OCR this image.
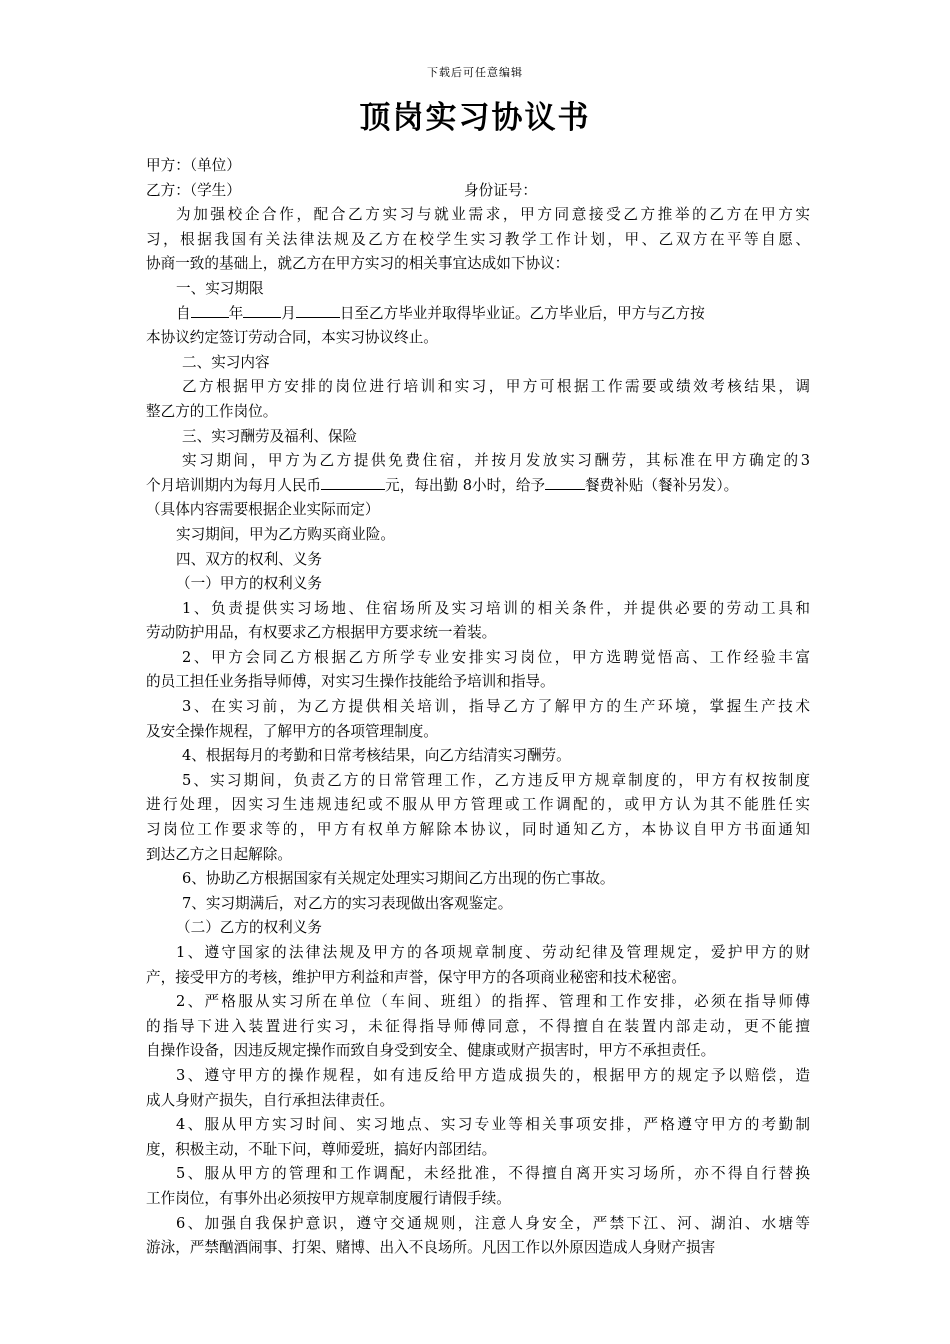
下载后可任意编辑
顶岗实习协议书
甲方：（单位）
乙方：（学生）	身份证号：
为加强校企合作，配合乙方实习与就业需求，甲方同意接受乙方推举的乙方在甲方实
习，根据我国有关法律法规及乙方在校学生实习教学工作计划，甲、乙双方在平等自愿、
协商一致的基础上，就乙方在甲方实习的相关事宜达成如下协议：
一、实习期限
自	年	月	日至乙方毕业并取得毕业证。乙方毕业后，甲方与乙方按
本协议约定签订劳动合同，本实习协议终止。
二、实习内容
乙方根据甲方安排的岗位进行培训和实习，甲方可根据工作需要或绩效考核结果，调
整乙方的工作岗位。
三、实习酬劳及福利、保险
实习期间，甲方为乙方提供免费住宿，并按月发放实习酬劳，其标准在甲方确定的3
个月培训期内为每月人民币	元，每出勤 8小时，给予	餐费补贴（餐补另发）。
（具体内容需要根据企业实际而定）
实习期间，甲为乙方购买商业险。
四、双方的权利、义务
（一）甲方的权利义务
1、负责提供实习场地、住宿场所及实习培训的相关条件，并提供必要的劳动工具和
劳动防护用品，有权要求乙方根据甲方要求统一着装。
2、甲方会同乙方根据乙方所学专业安排实习岗位，甲方选聘觉悟高、工作经验丰富
的员工担任业务指导师傅，对实习生操作技能给予培训和指导。
3、在实习前，为乙方提供相关培训，指导乙方了解甲方的生产环境，掌握生产技术
及安全操作规程，了解甲方的各项管理制度。
4、根据每月的考勤和日常考核结果，向乙方结清实习酬劳。
5、实习期间，负责乙方的日常管理工作，乙方违反甲方规章制度的，甲方有权按制度
进行处理，因实习生违规违纪或不服从甲方管理或工作调配的，或甲方认为其不能胜任实
习岗位工作要求等的，甲方有权单方解除本协议，同时通知乙方，本协议自甲方书面通知
到达乙方之日起解除。
6、协助乙方根据国家有关规定处理实习期间乙方出现的伤亡事故。
7、实习期满后，对乙方的实习表现做出客观鉴定。
（二）乙方的权利义务
1、遵守国家的法律法规及甲方的各项规章制度、劳动纪律及管理规定，爱护甲方的财
产，接受甲方的考核，维护甲方利益和声誉，保守甲方的各项商业秘密和技术秘密。
2、严格服从实习所在单位（车间、班组）的指挥、管理和工作安排，必须在指导师傅
的指导下进入装置进行实习，未征得指导师傅同意，不得擅自在装置内部走动，更不能擅
自操作设备，因违反规定操作而致自身受到安全、健康或财产损害时，甲方不承担责任。
3、遵守甲方的操作规程，如有违反给甲方造成损失的，根据甲方的规定予以赔偿，造
成人身财产损失，自行承担法律责任。
4、服从甲方实习时间、实习地点、实习专业等相关事项安排，严格遵守甲方的考勤制
度，积极主动，不耻下问，尊师爱班，搞好内部团结。
5、服从甲方的管理和工作调配，未经批准，不得擅自离开实习场所，亦不得自行替换
工作岗位，有事外出必须按甲方规章制度履行请假手续。
6、加强自我保护意识，遵守交通规则，注意人身安全，严禁下江、河、湖泊、水塘等
游泳，严禁酗酒闹事、打架、赌博、出入不良场所。凡因工作以外原因造成人身财产损害
